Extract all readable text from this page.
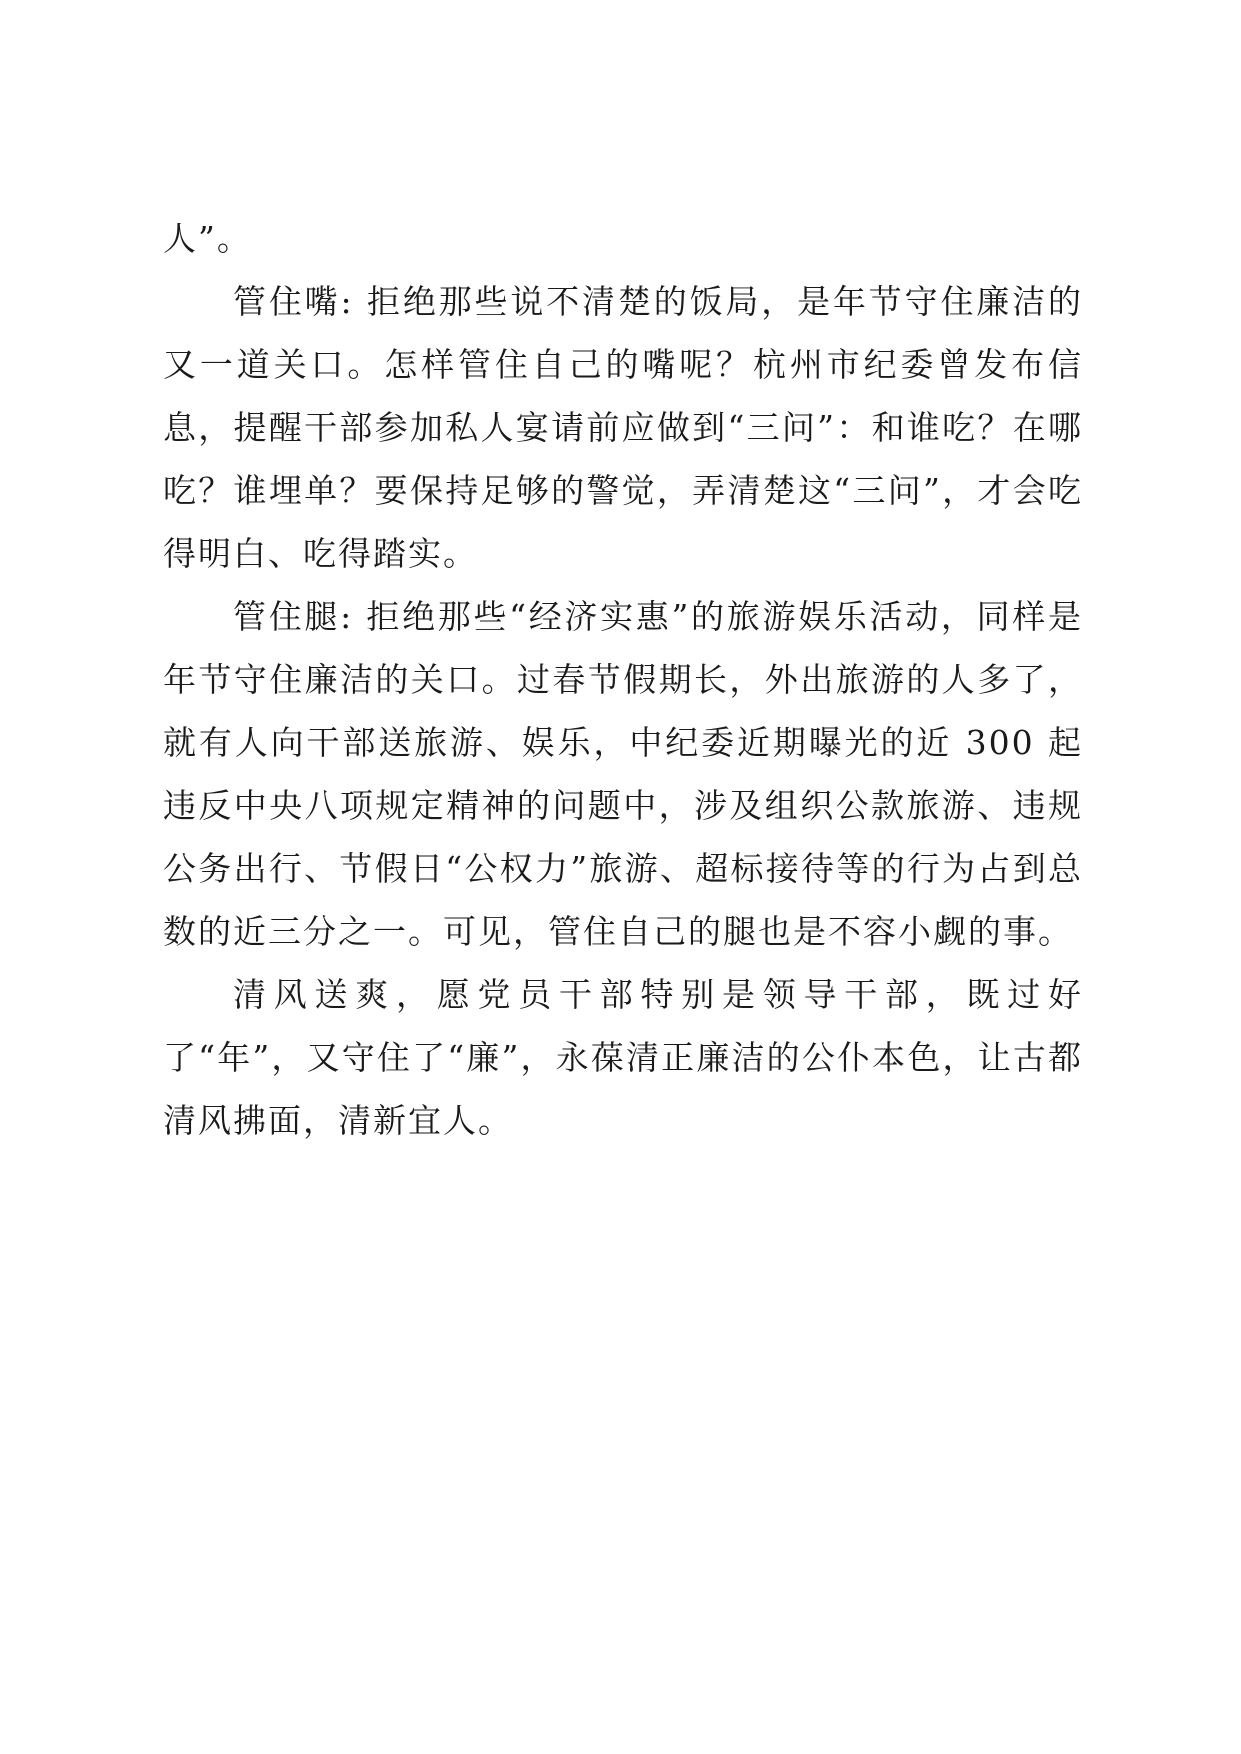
人”。

管住嘴: 拒绝那些说不清楚的饭局，是年节守住廉洁的又一道关口。怎样管住自己的嘴呢？杭州市纪委曾发布信息，提醒干部参加私人宴请前应做到“三问”：和谁吃？在哪吃？谁埋单？要保持足够的警觉，弄清楚这“三问”，才会吃得明白、吃得踏实。

管住腿: 拒绝那些“经济实惠”的旅游娱乐活动，同样是年节守住廉洁的关口。过春节假期长，外出旅游的人多了，就有人向干部送旅游、娱乐，中纪委近期曝光的近 300 起违反中央八项规定精神的问题中，涉及组织公款旅游、违规公务出行、节假日“公权力”旅游、超标接待等的行为占到总数的近三分之一。可见，管住自己的腿也是不容小觑的事。

清风送爽，愿党员干部特别是领导干部，既过好了“年”，又守住了“廉”，永葆清正廉洁的公仆本色，让古都清风拂面，清新宜人。
